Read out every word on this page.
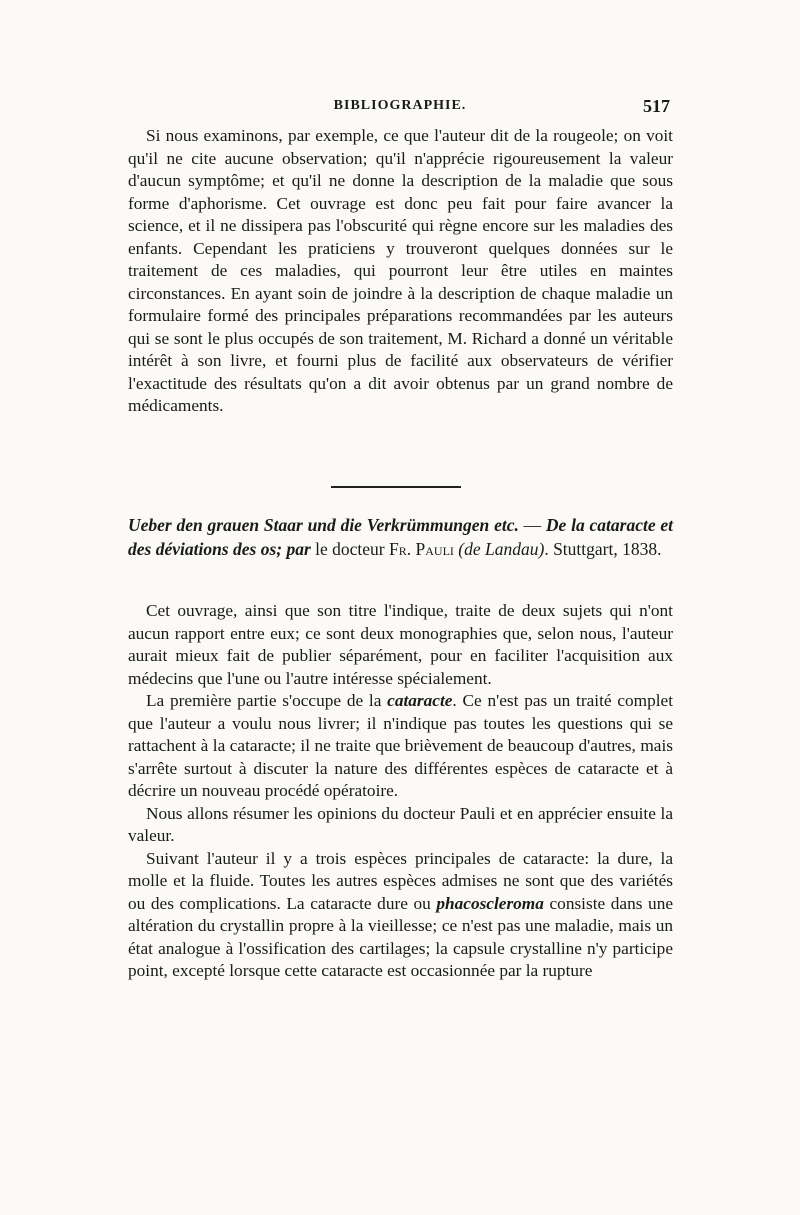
BIBLIOGRAPHIE.	517

Si nous examinons, par exemple, ce que l'auteur dit de la rougeole; on voit qu'il ne cite aucune observation; qu'il n'apprécie rigoureusement la valeur d'aucun symptôme; et qu'il ne donne la description de la maladie que sous forme d'aphorisme. Cet ouvrage est donc peu fait pour faire avancer la science, et il ne dissipera pas l'obscurité qui règne encore sur les maladies des enfants. Cependant les praticiens y trouveront quelques données sur le traitement de ces maladies, qui pourront leur être utiles en maintes circonstances. En ayant soin de joindre à la description de chaque maladie un formulaire formé des principales préparations recommandées par les auteurs qui se sont le plus occupés de son traitement, M. Richard a donné un véritable intérêt à son livre, et fourni plus de facilité aux observateurs de vérifier l'exactitude des résultats qu'on a dit avoir obtenus par un grand nombre de médicaments.

Ueber den grauen Staar und die Verkrümmungen etc. — De la cataracte et des déviations des os; par le docteur Fr. Pauli (de Landau). Stuttgart, 1838.

Cet ouvrage, ainsi que son titre l'indique, traite de deux sujets qui n'ont aucun rapport entre eux; ce sont deux monographies que, selon nous, l'auteur aurait mieux fait de publier séparément, pour en faciliter l'acquisition aux médecins que l'une ou l'autre intéresse spécialement.

La première partie s'occupe de la cataracte. Ce n'est pas un traité complet que l'auteur a voulu nous livrer; il n'indique pas toutes les questions qui se rattachent à la cataracte; il ne traite que brièvement de beaucoup d'autres, mais s'arrête surtout à discuter la nature des différentes espèces de cataracte et à décrire un nouveau procédé opératoire.

Nous allons résumer les opinions du docteur Pauli et en apprécier ensuite la valeur.

Suivant l'auteur il y a trois espèces principales de cataracte: la dure, la molle et la fluide. Toutes les autres espèces admises ne sont que des variétés ou des complications. La cataracte dure ou phacoscleroma consiste dans une altération du crystallin propre à la vieillesse; ce n'est pas une maladie, mais un état analogue à l'ossification des cartilages; la capsule crystalline n'y participe point, excepté lorsque cette cataracte est occasionnée par la rupture
